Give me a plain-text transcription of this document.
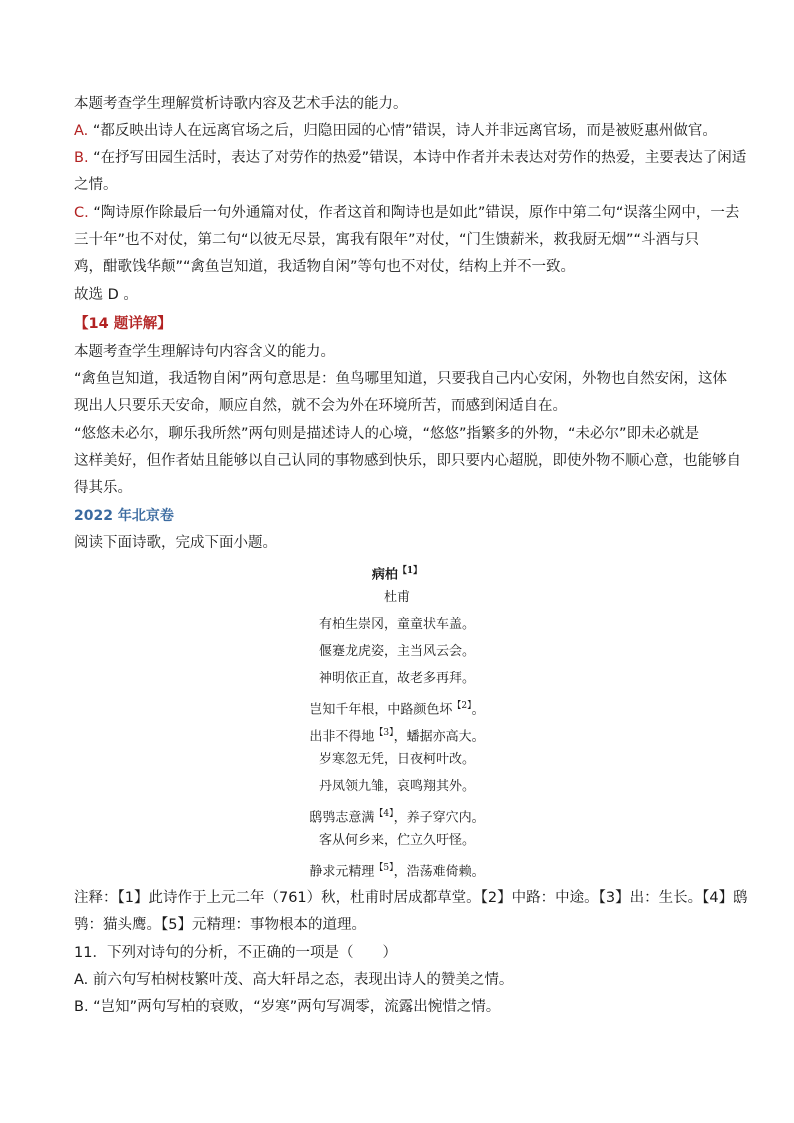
本题考查学生理解赏析诗歌内容及艺术手法的能力。
A. “都反映出诗人在远离官场之后，归隐田园的心情”错误，诗人并非远离官场，而是被贬惠州做官。
B. “在抒写田园生活时，表达了对劳作的热爱”错误，本诗中作者并未表达对劳作的热爱，主要表达了闲适
之情。
C. “陶诗原作除最后一句外通篇对仗，作者这首和陶诗也是如此”错误，原作中第二句“误落尘网中，一去
三十年”也不对仗，第二句“以彼无尽景，寓我有限年”对仗，“门生馈薪米，救我厨无烟”“斗酒与只
鸡，酣歌饯华颠”“禽鱼岂知道，我适物自闲”等句也不对仗，结构上并不一致。
故选 D 。
【14 题详解】
本题考查学生理解诗句内容含义的能力。
“禽鱼岂知道，我适物自闲”两句意思是：鱼鸟哪里知道，只要我自己内心安闲，外物也自然安闲，这体
现出人只要乐天安命，顺应自然，就不会为外在环境所苦，而感到闲适自在。
“悠悠未必尔，聊乐我所然”两句则是描述诗人的心境，“悠悠”指繁多的外物，“未必尔”即未必就是
这样美好，但作者姑且能够以自己认同的事物感到快乐，即只要内心超脱，即使外物不顺心意，也能够自
得其乐。
2022 年北京卷
阅读下面诗歌，完成下面小题。
病柏$^{【1】}$
杜甫
有柏生崇冈，童童状车盖。
偃蹇龙虎姿，主当风云会。
神明依正直，故老多再拜。
岂知千年根，中路颜色坏$^{【2】}$。
出非不得地$^{【3】}$，蟠据亦高大。
岁寒忽无凭，日夜柯叶改。
丹凤领九雏，哀鸣翔其外。
鸱鸮志意满$^{【4】}$，养子穿穴内。
客从何乡来，伫立久吁怪。
静求元精理$^{【5】}$，浩荡难倚赖。
注释：【1】此诗作于上元二年（761）秋，杜甫时居成都草堂。【2】中路：中途。【3】出：生长。【4】鸱
鸮：猫头鹰。【5】元精理：事物根本的道理。
11．下列对诗句的分析，不正确的一项是（　　）
A. 前六句写柏树枝繁叶茂、高大轩昂之态，表现出诗人的赞美之情。
B. “岂知”两句写柏的衰败，“岁寒”两句写凋零，流露出惋惜之情。
